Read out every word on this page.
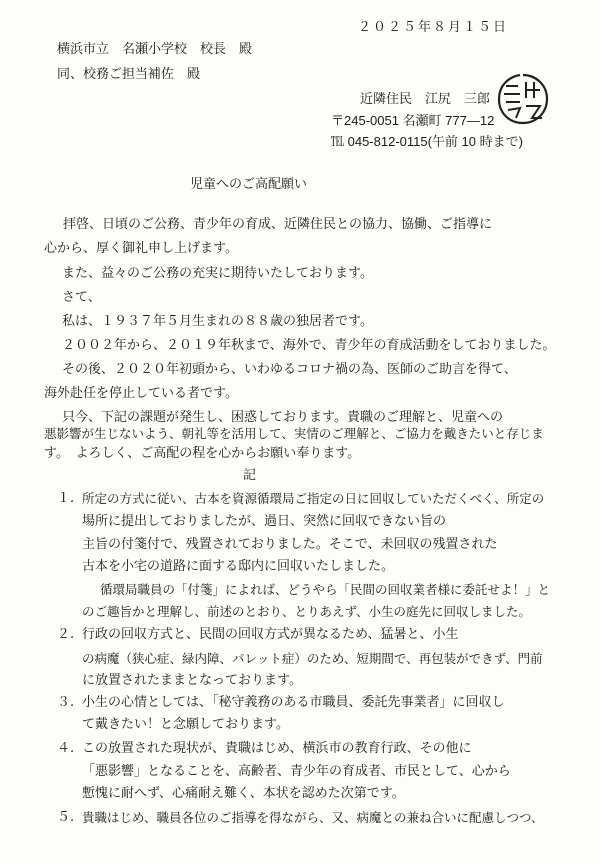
２０２５年８月１５日
横浜市立　名瀬小学校　校長　殿
同、校務ご担当補佐　殿
近隣住民　江尻　三郎
〒245-0051 名瀬町 777―12
℡ 045-812-0115(午前 10 時まで)
児童へのご高配願い
拝啓、日頃のご公務、青少年の育成、近隣住民との協力、協働、ご指導に
心から、厚く御礼申し上げます。
また、益々のご公務の充実に期待いたしております。
さて、
私は、１９３７年５月生まれの８８歳の独居者です。
２００２年から、２０１９年秋まで、海外で、青少年の育成活動をしておりました。
その後、２０２０年初頭から、いわゆるコロナ禍の為、医師のご助言を得て、
海外赴任を停止している者です。
只今、下記の課題が発生し、困惑しております。貴職のご理解と、児童への
悪影響が生じないよう、朝礼等を活用して、実情のご理解と、ご協力を戴きたいと存じま
す。　よろしく、ご高配の程を心からお願い奉ります。
記
１. 所定の方式に従い、古本を資源循環局ご指定の日に回収していただくべく、所定の
場所に提出しておりましたが、過日、突然に回収できない旨の
主旨の付箋付で、残置されておりました。そこで、未回収の残置された
古本を小宅の道路に面する邸内に回収いたしました。
循環局職員の「付箋」によれば、どうやら「民間の回収業者様に委託せよ！」と
のご趣旨かと理解し、前述のとおり、とりあえず、小生の庭先に回収しました。
２. 行政の回収方式と、民間の回収方式が異なるため、猛暑と、小生
の病魔（狭心症、緑内障、パレット症）のため、短期間で、再包装ができず、門前
に放置されたままとなっております。
３. 小生の心情としては、「秘守義務のある市職員、委託先事業者」に回収し
て戴きたい！と念願しております。
４. この放置された現状が、貴職はじめ、横浜市の教育行政、その他に
「悪影響」となることを、高齢者、青少年の育成者、市民として、心から
慙愧に耐へず、心痛耐え難く、本状を認めた次第です。
５. 貴職はじめ、職員各位のご指導を得ながら、又、病魔との兼ね合いに配慮しつつ、
